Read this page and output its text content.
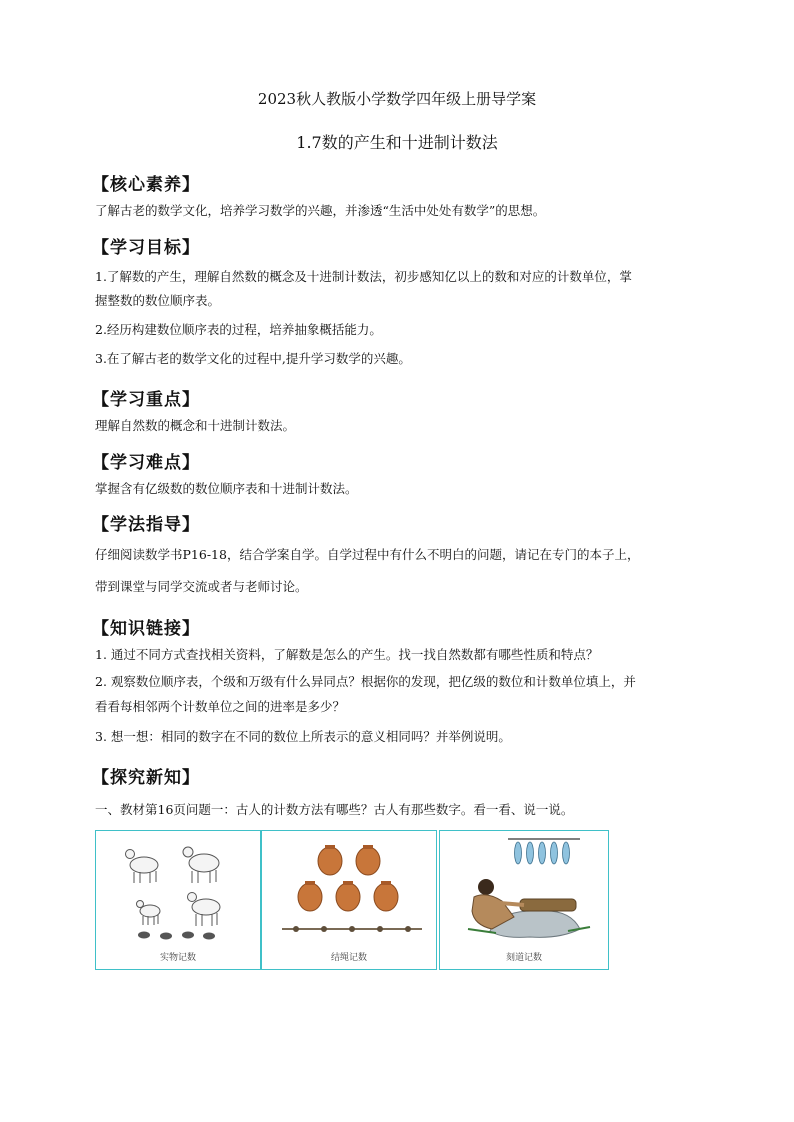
2023秋人教版小学数学四年级上册导学案
1.7数的产生和十进制计数法
【核心素养】
了解古老的数学文化，培养学习数学的兴趣，并渗透“生活中处处有数学”的思想。
【学习目标】
1.了解数的产生，理解自然数的概念及十进制计数法，初步感知亿以上的数和对应的计数单位，掌
握整数的数位顺序表。
2.经历构建数位顺序表的过程，培养抽象概括能力。
3.在了解古老的数学文化的过程中,提升学习数学的兴趣。
【学习重点】
理解自然数的概念和十进制计数法。
【学习难点】
掌握含有亿级数的数位顺序表和十进制计数法。
【学法指导】
仔细阅读数学书P16-18，结合学案自学。自学过程中有什么不明白的问题，请记在专门的本子上，
带到课堂与同学交流或者与老师讨论。
【知识链接】
1. 通过不同方式查找相关资料，了解数是怎么的产生。找一找自然数都有哪些性质和特点？
2. 观察数位顺序表，个级和万级有什么异同点？根据你的发现，把亿级的数位和计数单位填上，并
看看每相邻两个计数单位之间的进率是多少？
3. 想一想：相同的数字在不同的数位上所表示的意义相同吗？并举例说明。
【探究新知】
一、教材第16页问题一：古人的计数方法有哪些？古人有那些数字。看一看、说一说。
实物记数	结绳记数	刻道记数
